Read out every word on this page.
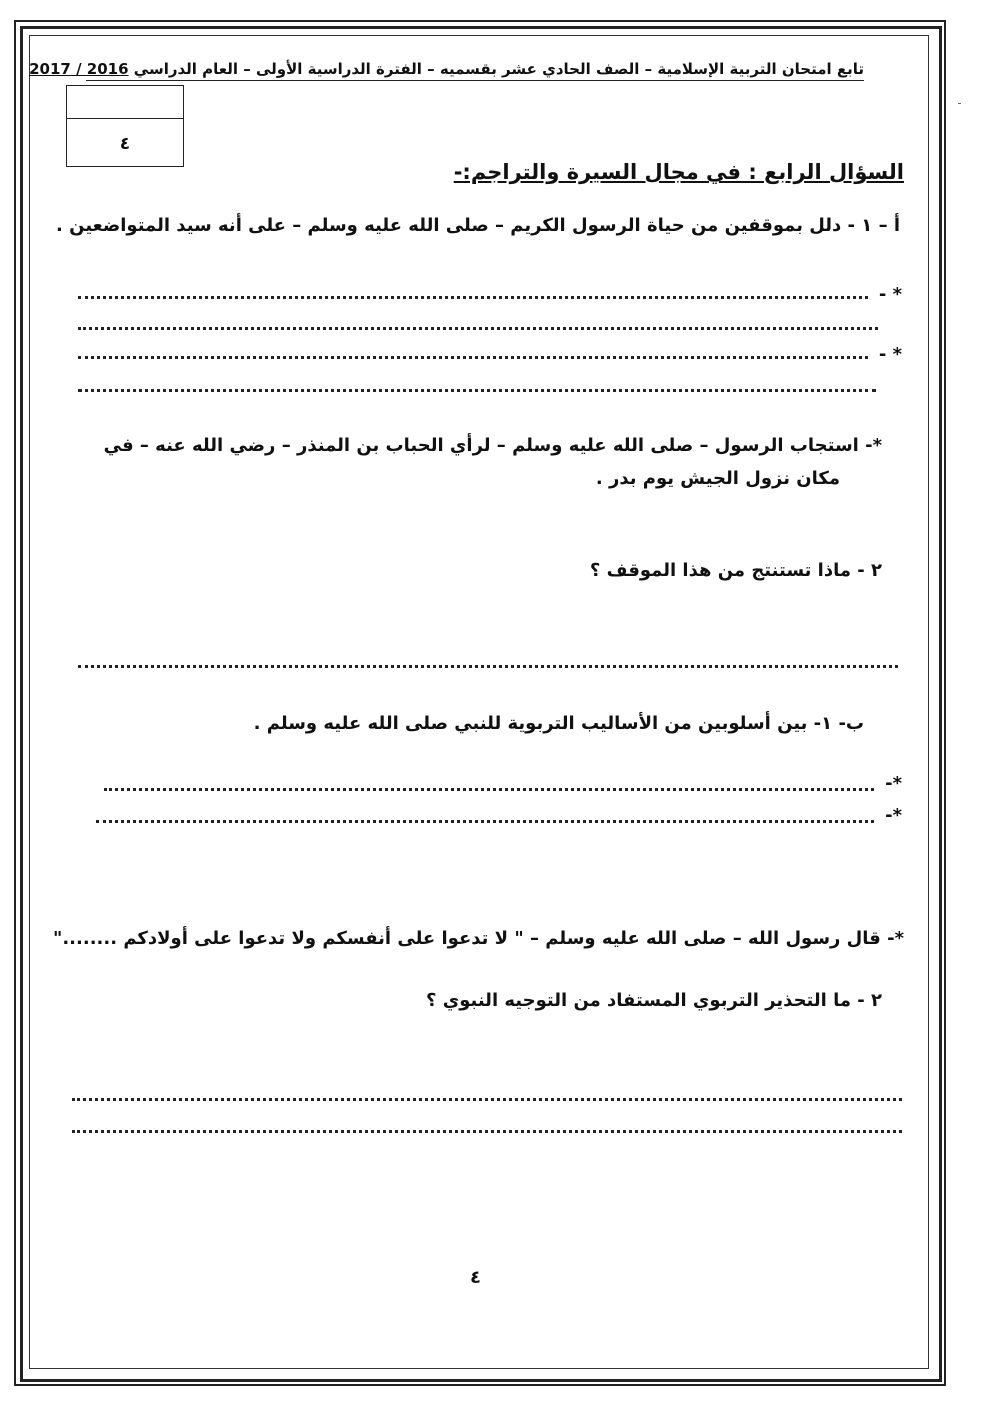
تابع امتحان التربية الإسلامية – الصف الحادي عشر بقسميه – الفترة الدراسية الأولى – العام الدراسي 2016 / 2017
٤
السؤال الرابع : في مجال السيرة والتراجم:-
أ – ١ - دلل بموقفين من حياة الرسول الكريم – صلى الله عليه وسلم – على أنه سيد المتواضعين .
* -
* -
*- استجاب الرسول – صلى الله عليه وسلم – لرأي الحباب بن المنذر – رضي الله عنه – في
مكان نزول الجيش يوم بدر .
٢ - ماذا تستنتج من هذا الموقف ؟
ب- ١- بين أسلوبين من الأساليب التربوية للنبي صلى الله عليه وسلم .
*-
*-
*- قال رسول الله – صلى الله عليه وسلم – " لا تدعوا على أنفسكم ولا تدعوا على أولادكم ........"
٢ - ما التحذير التربوي المستفاد من التوجيه النبوي ؟
٤
